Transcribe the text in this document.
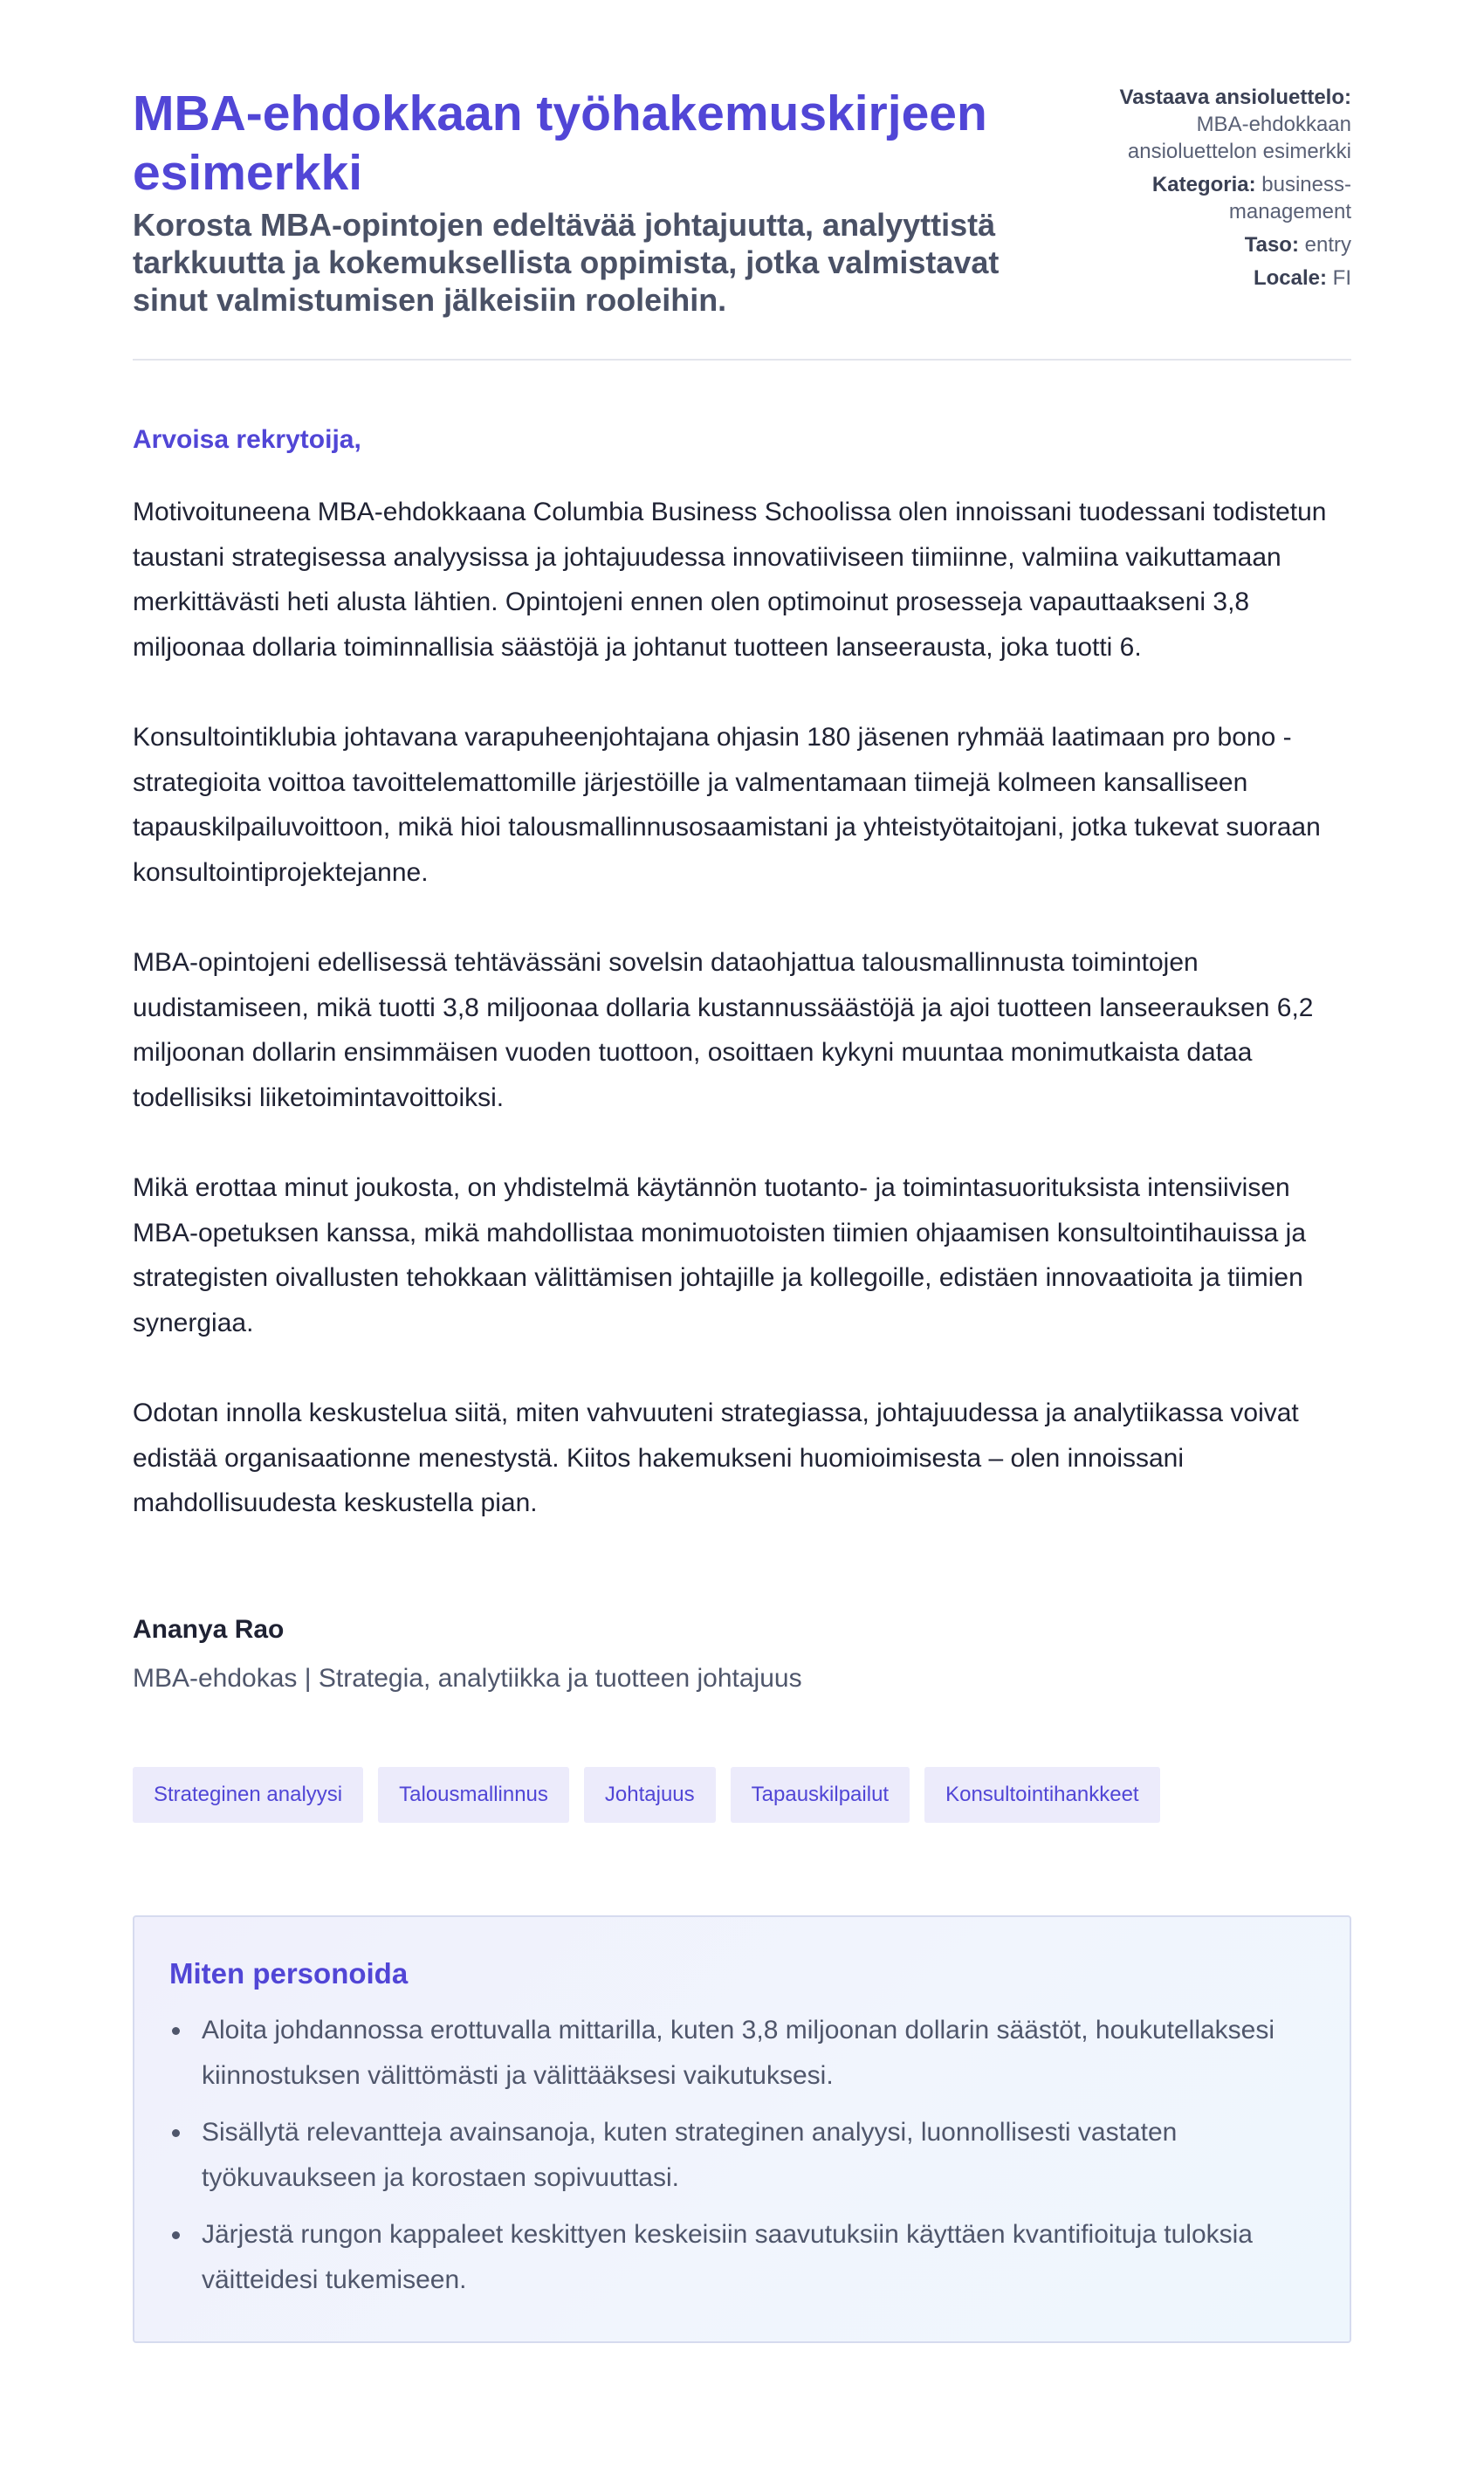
MBA-ehdokkaan työhakemuskirjeen esimerkki

Korosta MBA-opintojen edeltävää johtajuutta, analyyttistä tarkkuutta ja kokemuksellista oppimista, jotka valmistavat sinut valmistumisen jälkeisiin rooleihin.

Vastaava ansioluettelo: MBA-ehdokkaan ansioluettelon esimerkki
Kategoria: business-management
Taso: entry
Locale: FI

Arvoisa rekrytoija,

Motivoituneena MBA-ehdokkaana Columbia Business Schoolissa olen innoissani tuodessani todistetun taustani strategisessa analyysissa ja johtajuudessa innovatiiviseen tiimiinne, valmiina vaikuttamaan merkittävästi heti alusta lähtien. Opintojeni ennen olen optimoinut prosesseja vapauttaakseni 3,8 miljoonaa dollaria toiminnallisia säästöjä ja johtanut tuotteen lanseerausta, joka tuotti 6.

Konsultointiklubia johtavana varapuheenjohtajana ohjasin 180 jäsenen ryhmää laatimaan pro bono -strategioita voittoa tavoittelemattomille järjestöille ja valmentamaan tiimejä kolmeen kansalliseen tapauskilpailuvoittoon, mikä hioi talousmallinnusosaamistani ja yhteistyötaitojani, jotka tukevat suoraan konsultointiprojektejanne.

MBA-opintojeni edellisessä tehtävässäni sovelsin dataohjattua talousmallinnusta toimintojen uudistamiseen, mikä tuotti 3,8 miljoonaa dollaria kustannussäästöjä ja ajoi tuotteen lanseerauksen 6,2 miljoonan dollarin ensimmäisen vuoden tuottoon, osoittaen kykyni muuntaa monimutkaista dataa todellisiksi liiketoimintavoittoiksi.

Mikä erottaa minut joukosta, on yhdistelmä käytännön tuotanto- ja toimintasuorituksista intensiivisen MBA-opetuksen kanssa, mikä mahdollistaa monimuotoisten tiimien ohjaamisen konsultointihauissa ja strategisten oivallusten tehokkaan välittämisen johtajille ja kollegoille, edistäen innovaatioita ja tiimien synergiaa.

Odotan innolla keskustelua siitä, miten vahvuuteni strategiassa, johtajuudessa ja analytiikassa voivat edistää organisaationne menestystä. Kiitos hakemukseni huomioimisesta – olen innoissani mahdollisuudesta keskustella pian.

Ananya Rao

MBA-ehdokas | Strategia, analytiikka ja tuotteen johtajuus

Strateginen analyysi	Talousmallinnus	Johtajuus	Tapauskilpailut	Konsultointihankkeet
Miten personoida
Aloita johdannossa erottuvalla mittarilla, kuten 3,8 miljoonan dollarin säästöt, houkutellaksesi kiinnostuksen välittömästi ja välittääksesi vaikutuksesi.
Sisällytä relevantteja avainsanoja, kuten strateginen analyysi, luonnollisesti vastaten työkuvaukseen ja korostaen sopivuuttasi.
Järjestä rungon kappaleet keskittyen keskeisiin saavutuksiin käyttäen kvantifioituja tuloksia väitteidesi tukemiseen.
